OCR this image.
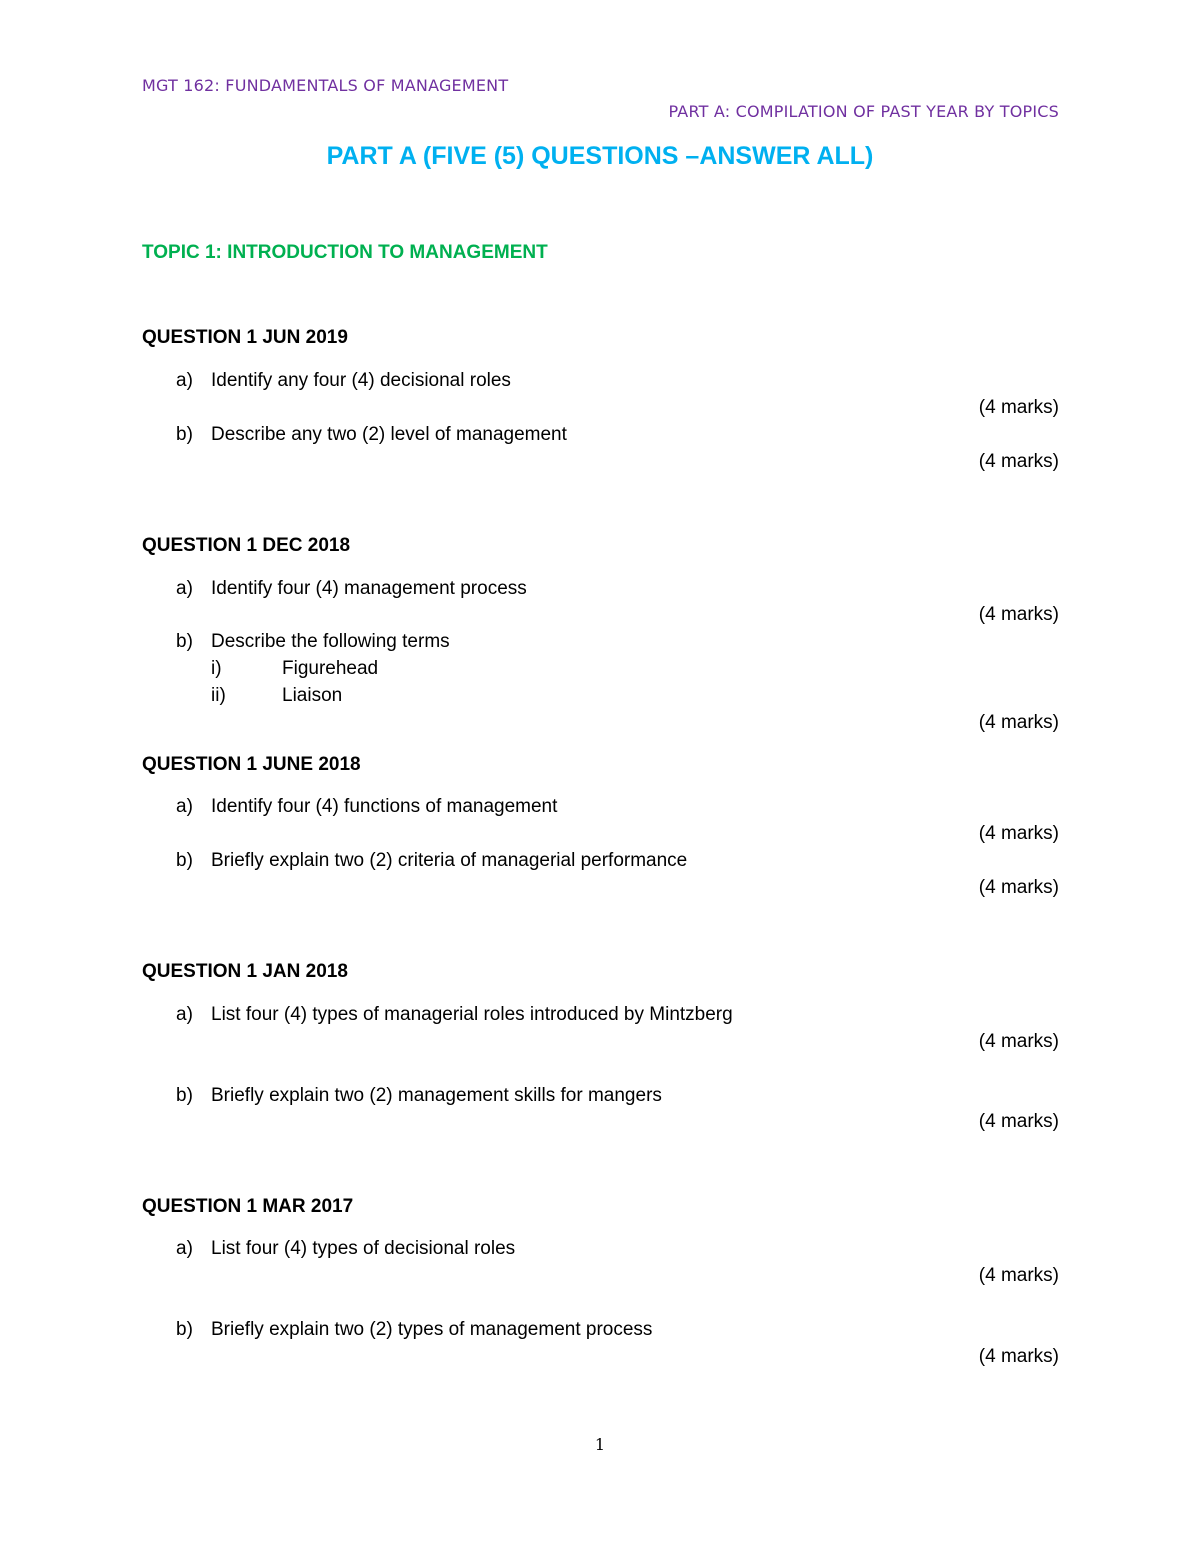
MGT 162: FUNDAMENTALS OF MANAGEMENT
PART A: COMPILATION OF PAST YEAR BY TOPICS
PART A (FIVE (5) QUESTIONS –ANSWER ALL)
TOPIC 1: INTRODUCTION TO MANAGEMENT
QUESTION 1 JUN 2019
a) Identify any four (4) decisional roles
(4 marks)
b) Describe any two (2) level of management
(4 marks)
QUESTION 1 DEC 2018
a) Identify four (4) management process
(4 marks)
b) Describe the following terms
i)	Figurehead
ii)	Liaison
(4 marks)
QUESTION 1 JUNE 2018
a) Identify four (4) functions of management
(4 marks)
b) Briefly explain two (2) criteria of managerial performance
(4 marks)
QUESTION 1 JAN 2018
a) List four (4) types of managerial roles introduced by Mintzberg
(4 marks)
b) Briefly explain two (2) management skills for mangers
(4 marks)
QUESTION 1 MAR 2017
a) List four (4) types of decisional roles
(4 marks)
b) Briefly explain two (2) types of management process
(4 marks)
1
